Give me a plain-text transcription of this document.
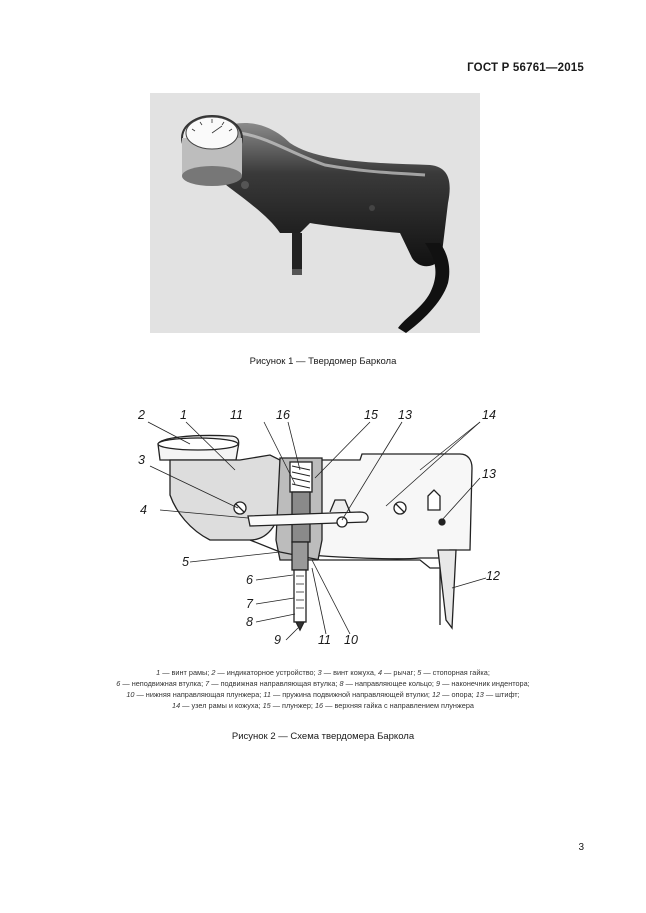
ГОСТ Р 56761—2015
Рисунок 1 — Твердомер Баркола
2	1	11	16	15 13	14
3
13
4
5
12
6
7
8
9	11 10
1 — винт рамы; 2 — индикаторное устройство; 3 — винт кожуха, 4 — рычаг; 5 — стопорная гайка;
6 — неподвижная втулка; 7 — подвижная направляющая втулка; 8 — направляющее кольцо; 9 — наконечник индентора;
10 — нижняя направляющая плунжера; 11 — пружина подвижной направляющей втулки; 12 — опора; 13 — штифт;
14 — узел рамы и кожуха; 15 — плунжер; 16 — верхняя гайка с направлением плунжера
Рисунок 2 — Схема твердомера Баркола
3
